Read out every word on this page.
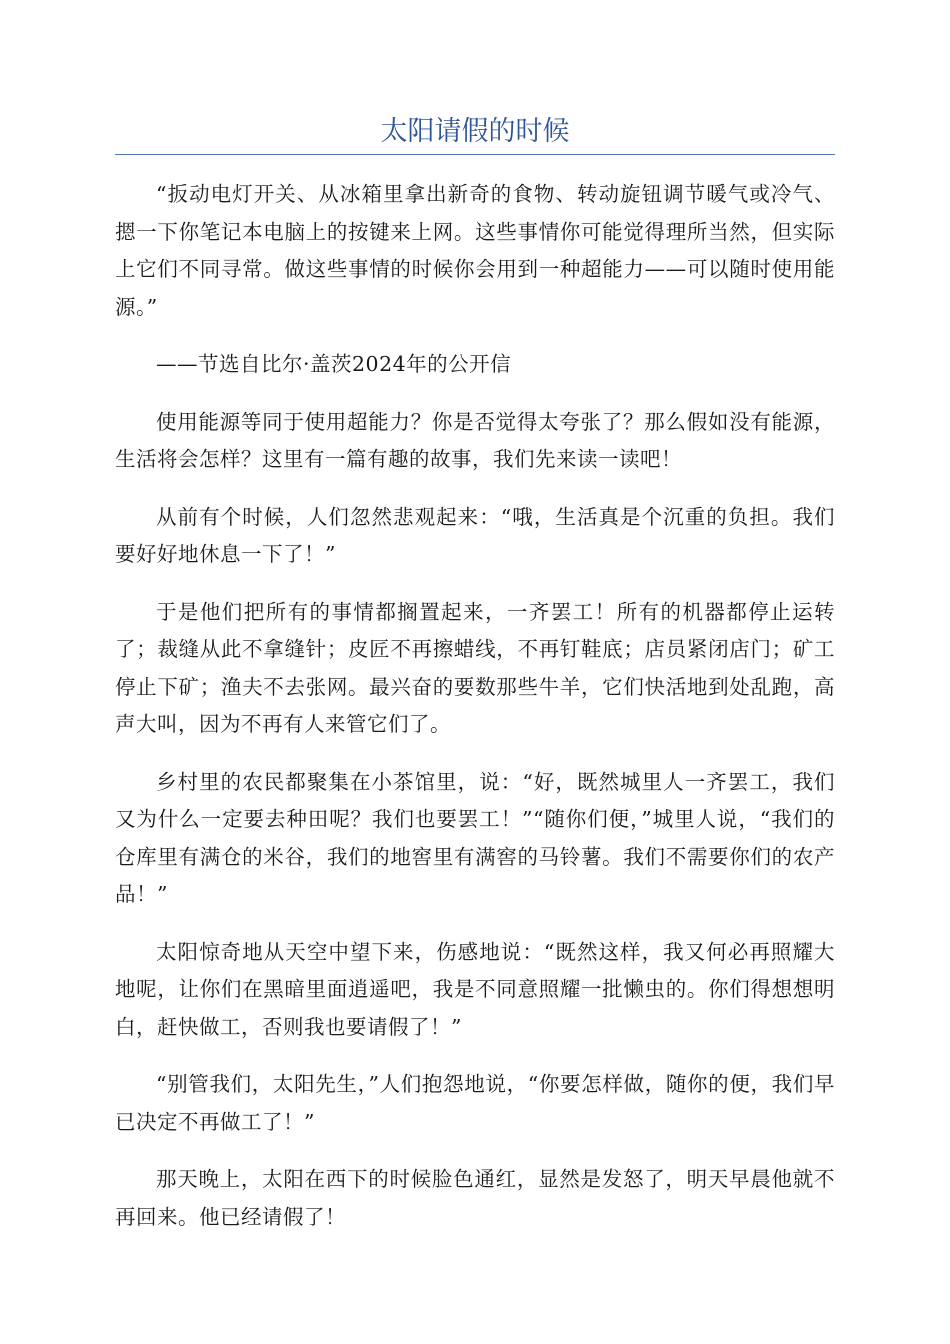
太阳请假的时候

“扳动电灯开关、从冰箱里拿出新奇的食物、转动旋钮调节暖气或冷气、摁一下你笔记本电脑上的按键来上网。这些事情你可能觉得理所当然，但实际上它们不同寻常。做这些事情的时候你会用到一种超能力——可以随时使用能源。”

——节选自比尔·盖茨2024年的公开信

使用能源等同于使用超能力？你是否觉得太夸张了？那么假如没有能源，生活将会怎样？这里有一篇有趣的故事，我们先来读一读吧！

从前有个时候，人们忽然悲观起来：“哦，生活真是个沉重的负担。我们要好好地休息一下了！”

于是他们把所有的事情都搁置起来，一齐罢工！所有的机器都停止运转了；裁缝从此不拿缝针；皮匠不再擦蜡线，不再钉鞋底；店员紧闭店门；矿工停止下矿；渔夫不去张网。最兴奋的要数那些牛羊，它们快活地到处乱跑，高声大叫，因为不再有人来管它们了。

乡村里的农民都聚集在小茶馆里，说：“好，既然城里人一齐罢工，我们又为什么一定要去种田呢？我们也要罢工！”“随你们便，”城里人说，“我们的仓库里有满仓的米谷，我们的地窖里有满窖的马铃薯。我们不需要你们的农产品！”

太阳惊奇地从天空中望下来，伤感地说：“既然这样，我又何必再照耀大地呢，让你们在黑暗里面逍遥吧，我是不同意照耀一批懒虫的。你们得想想明白，赶快做工，否则我也要请假了！”

“别管我们，太阳先生，”人们抱怨地说，“你要怎样做，随你的便，我们早已决定不再做工了！”

那天晚上，太阳在西下的时候脸色通红，显然是发怒了，明天早晨他就不再回来。他已经请假了！
